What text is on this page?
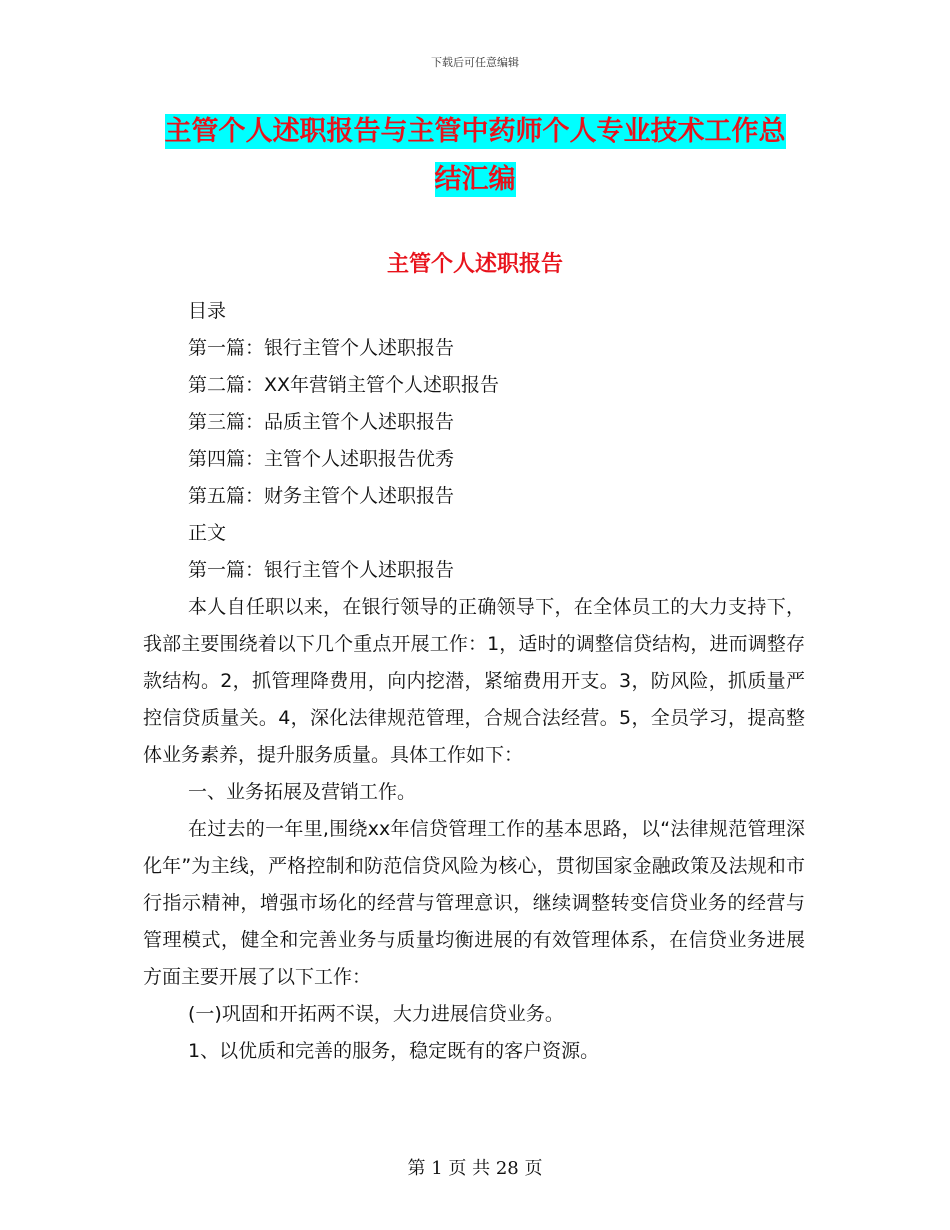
下载后可任意编辑
主管个人述职报告与主管中药师个人专业技术工作总
结汇编
主管个人述职报告
目录
第一篇：银行主管个人述职报告
第二篇：XX年营销主管个人述职报告
第三篇：品质主管个人述职报告
第四篇：主管个人述职报告优秀
第五篇：财务主管个人述职报告
正文
第一篇：银行主管个人述职报告
本人自任职以来，在银行领导的正确领导下，在全体员工的大力支持下，我部主要围绕着以下几个重点开展工作：1，适时的调整信贷结构，进而调整存款结构。2，抓管理降费用，向内挖潜，紧缩费用开支。3，防风险，抓质量严控信贷质量关。4，深化法律规范管理，合规合法经营。5，全员学习，提高整体业务素养，提升服务质量。具体工作如下：
一、业务拓展及营销工作。
在过去的一年里,围绕xx年信贷管理工作的基本思路，以“法律规范管理深化年”为主线，严格控制和防范信贷风险为核心，贯彻国家金融政策及法规和市行指示精神，增强市场化的经营与管理意识，继续调整转变信贷业务的经营与管理模式，健全和完善业务与质量均衡进展的有效管理体系，在信贷业务进展方面主要开展了以下工作：
(一)巩固和开拓两不误，大力进展信贷业务。
1、以优质和完善的服务，稳定既有的客户资源。
第 1 页 共 28 页
